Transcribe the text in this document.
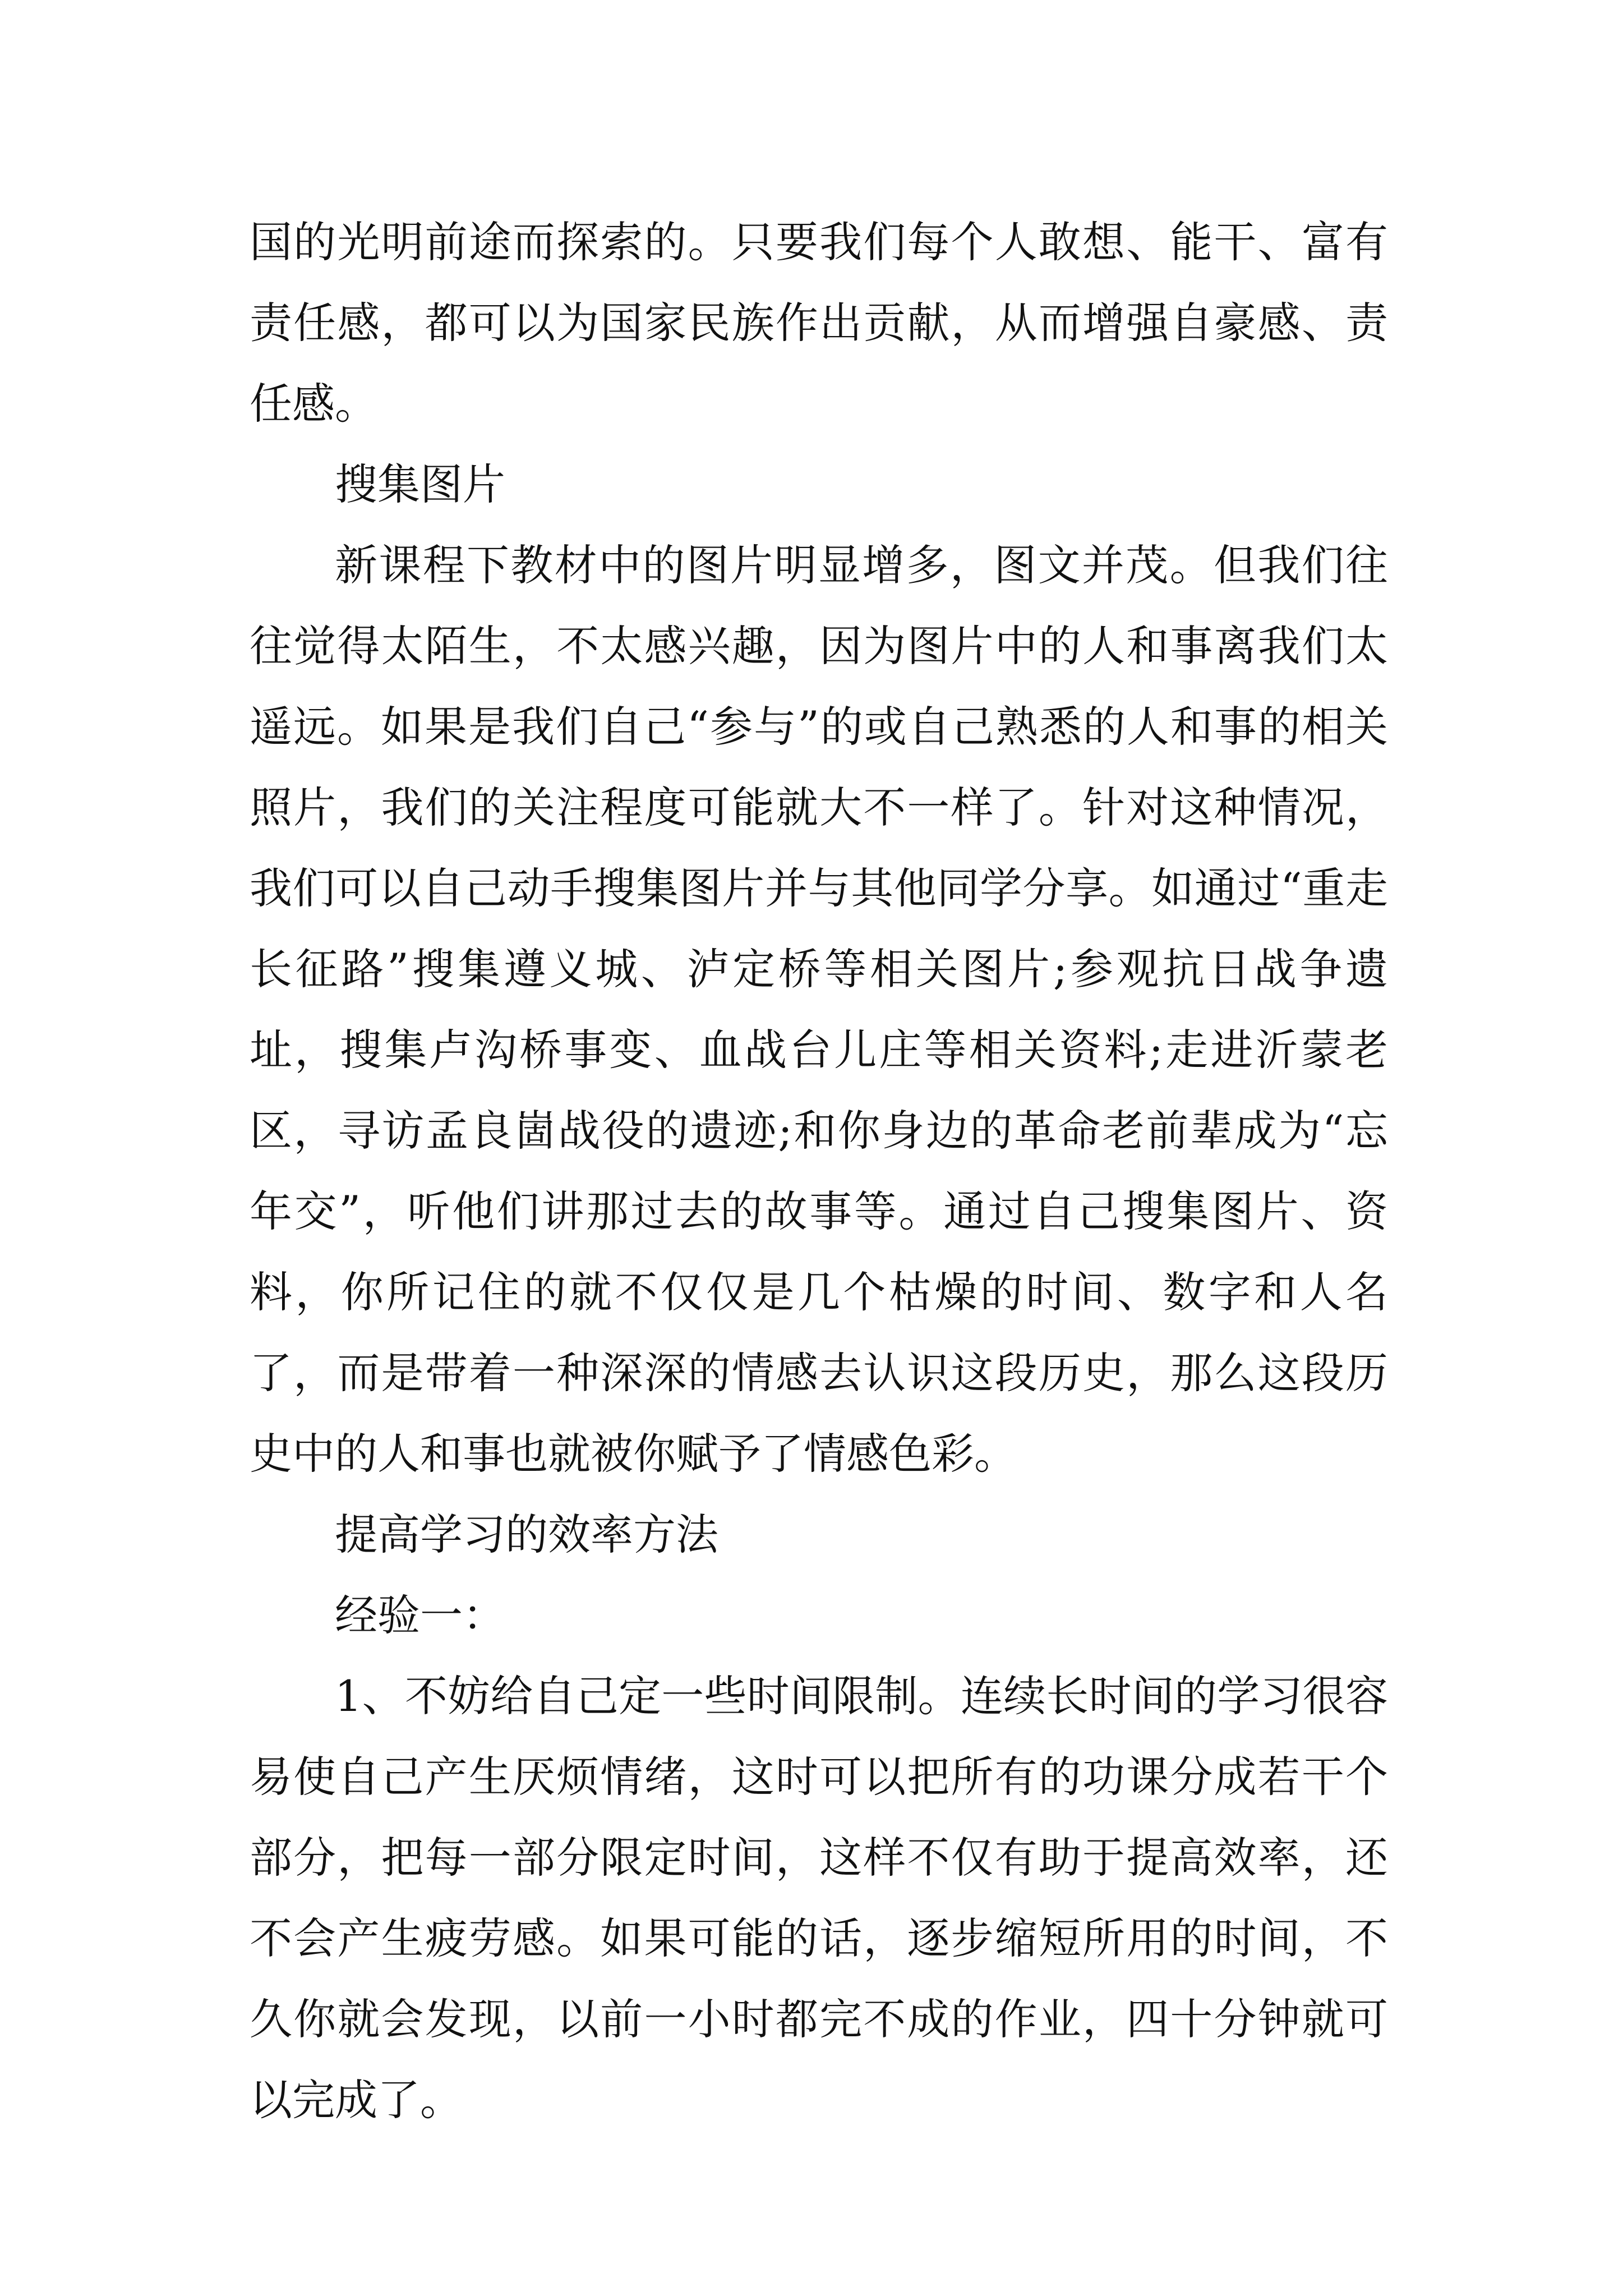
国的光明前途而探索的。只要我们每个人敢想、能干、富有责任感，都可以为国家民族作出贡献，从而增强自豪感、责任感。

搜集图片

新课程下教材中的图片明显增多，图文并茂。但我们往往觉得太陌生，不太感兴趣，因为图片中的人和事离我们太遥远。如果是我们自己“参与”的或自己熟悉的人和事的相关照片，我们的关注程度可能就大不一样了。针对这种情况，我们可以自己动手搜集图片并与其他同学分享。如通过“重走长征路”搜集遵义城、泸定桥等相关图片;参观抗日战争遗址，搜集卢沟桥事变、血战台儿庄等相关资料;走进沂蒙老区，寻访孟良崮战役的遗迹;和你身边的革命老前辈成为“忘年交”，听他们讲那过去的故事等。通过自己搜集图片、资料，你所记住的就不仅仅是几个枯燥的时间、数字和人名了，而是带着一种深深的情感去认识这段历史，那么这段历史中的人和事也就被你赋予了情感色彩。

提高学习的效率方法

经验一：

1、不妨给自己定一些时间限制。连续长时间的学习很容易使自己产生厌烦情绪，这时可以把所有的功课分成若干个部分，把每一部分限定时间，这样不仅有助于提高效率，还不会产生疲劳感。如果可能的话，逐步缩短所用的时间，不久你就会发现，以前一小时都完不成的作业，四十分钟就可以完成了。
